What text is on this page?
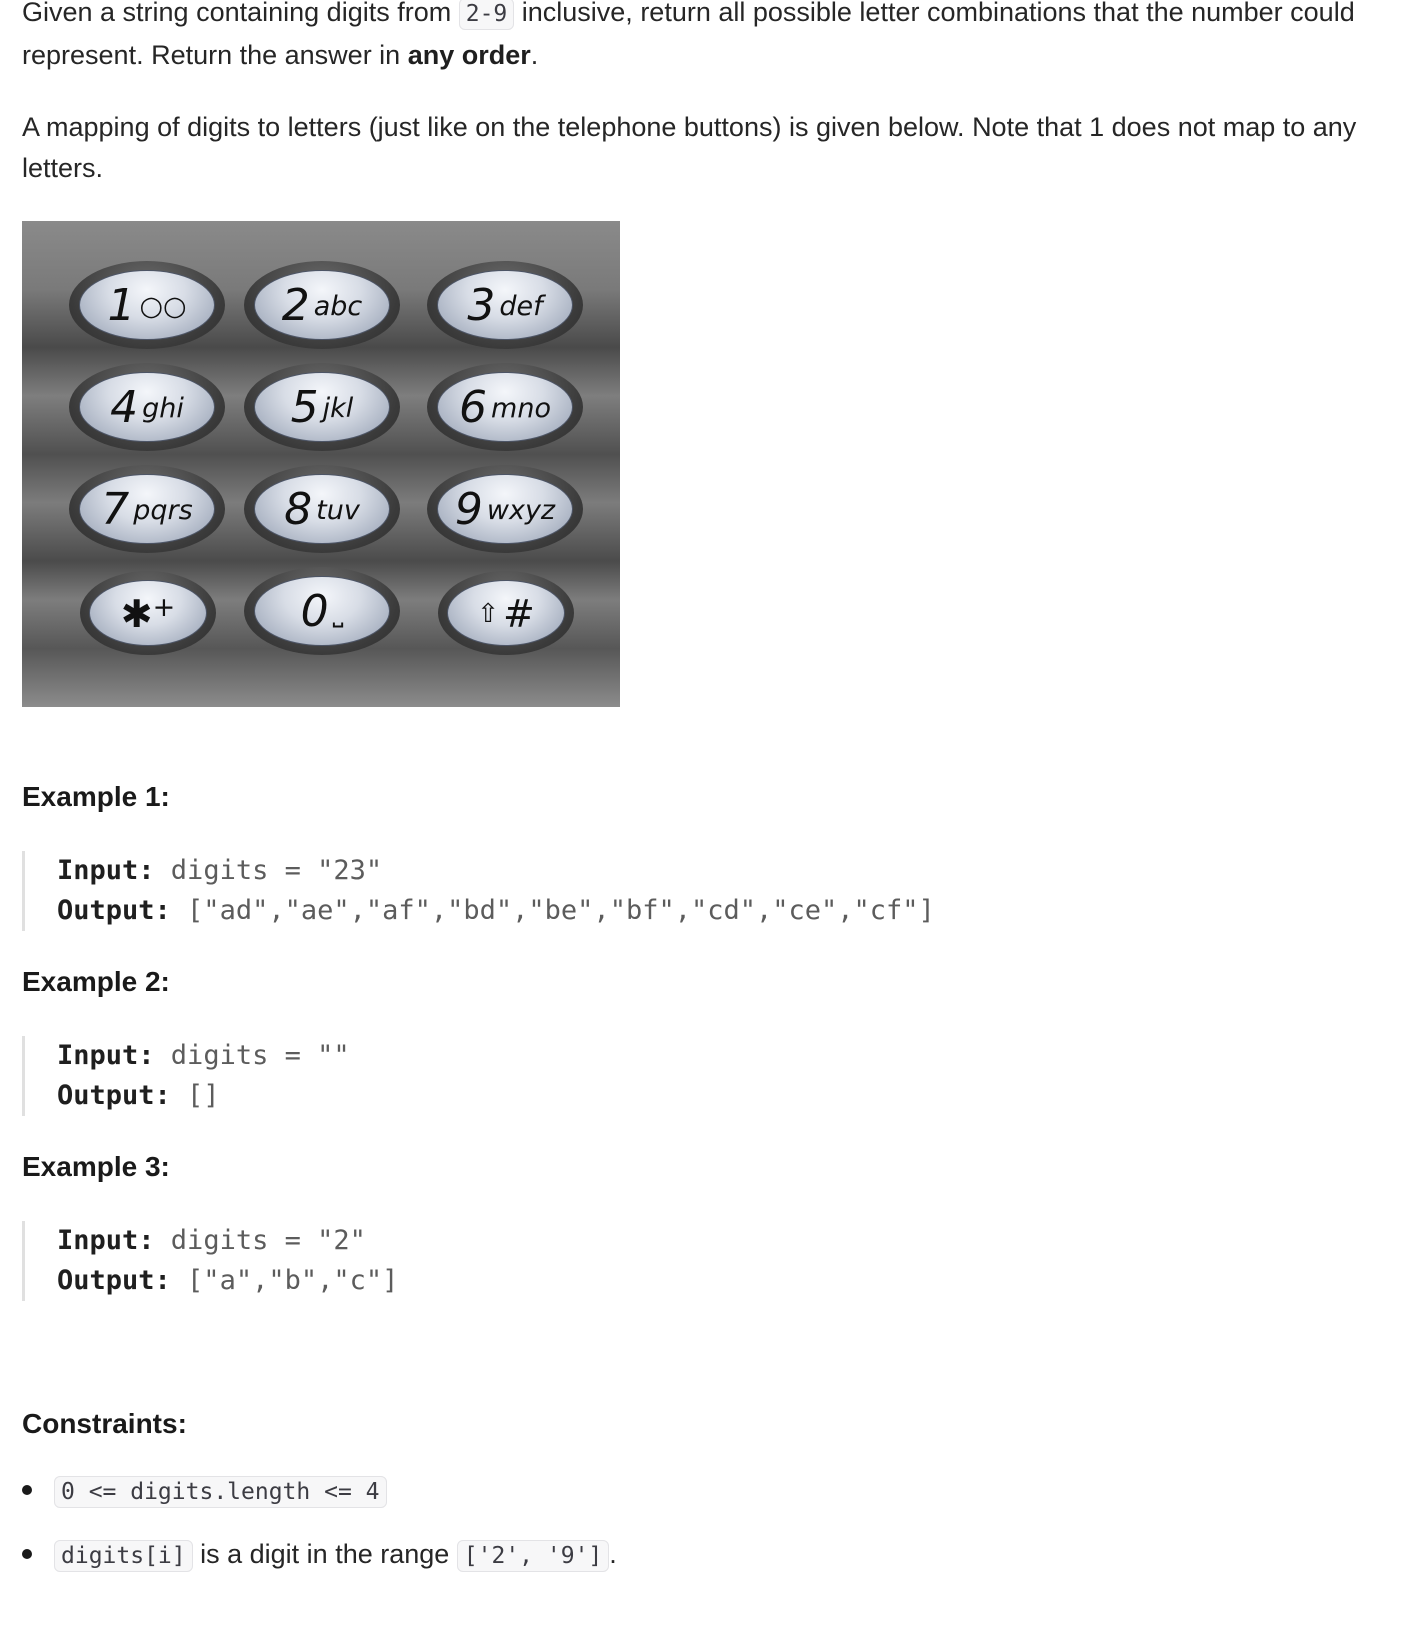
Given a string containing digits from 2-9 inclusive, return all possible letter combinations that the number could represent. Return the answer in any order.

A mapping of digits to letters (just like on the telephone buttons) is given below. Note that 1 does not map to any letters.

1 ○○ 2 abc 3 def
4 ghi 5 jkl 6 mno
7 pqrs 8 tuv 9 wxyz
✱ +	0 ⎵	⇧ #
Example 1:
Input: digits = "23"
Output: ["ad","ae","af","bd","be","bf","cd","ce","cf"]
Example 2:
Input: digits = ""
Output: []
Example 3:
Input: digits = "2"
Output: ["a","b","c"]
Constraints:
0 <= digits.length <= 4
digits[i] is a digit in the range ['2', '9'] .
